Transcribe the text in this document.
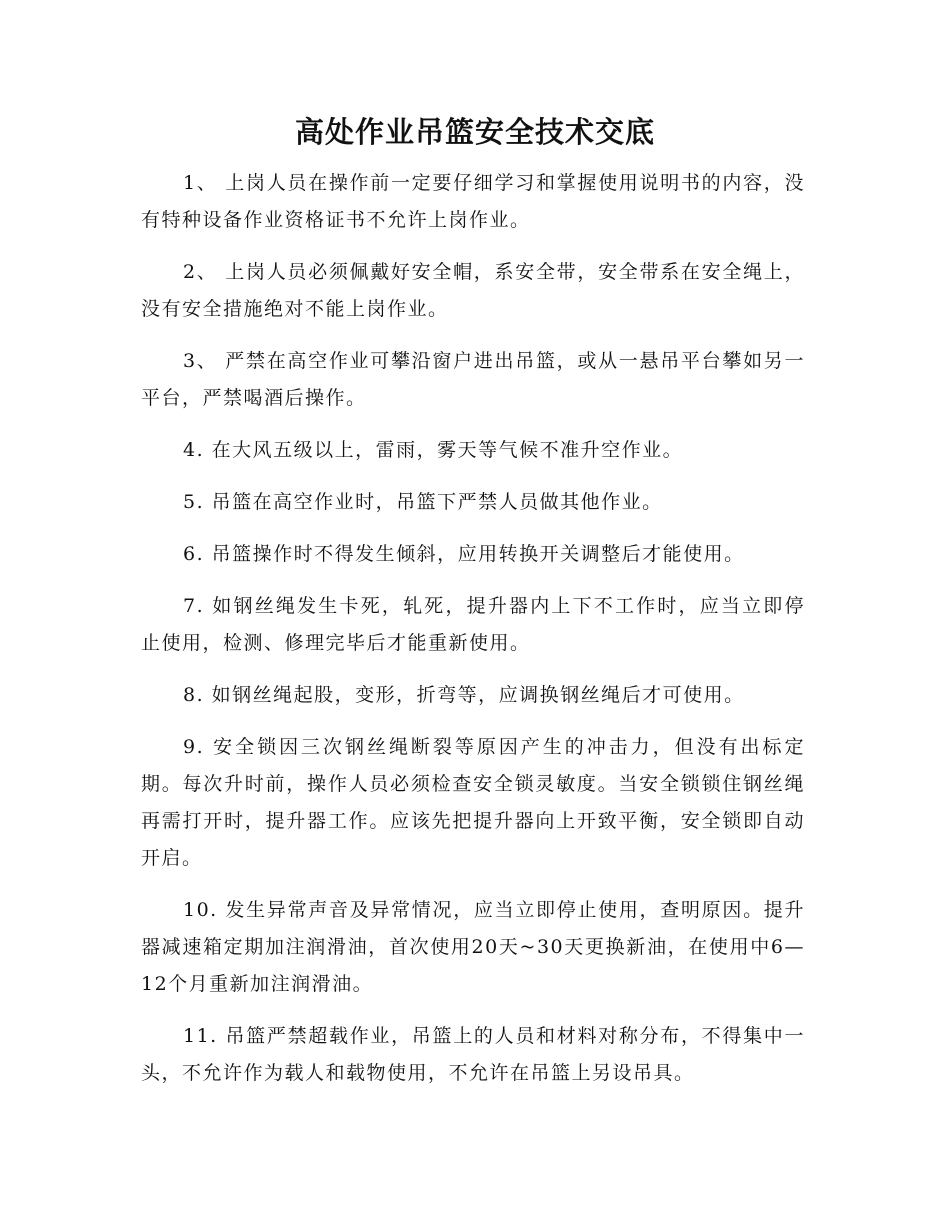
高处作业吊篮安全技术交底

1、 上岗人员在操作前一定要仔细学习和掌握使用说明书的内容，没有特种设备作业资格证书不允许上岗作业。

2、 上岗人员必须佩戴好安全帽，系安全带，安全带系在安全绳上，没有安全措施绝对不能上岗作业。

3、 严禁在高空作业可攀沿窗户进出吊篮，或从一悬吊平台攀如另一平台，严禁喝酒后操作。

4. 在大风五级以上，雷雨，雾天等气候不准升空作业。

5. 吊篮在高空作业时，吊篮下严禁人员做其他作业。

6. 吊篮操作时不得发生倾斜，应用转换开关调整后才能使用。

7. 如钢丝绳发生卡死，轧死，提升器内上下不工作时，应当立即停止使用，检测、修理完毕后才能重新使用。

8. 如钢丝绳起股，变形，折弯等，应调换钢丝绳后才可使用。

9. 安全锁因三次钢丝绳断裂等原因产生的冲击力，但没有出标定期。每次升时前，操作人员必须检查安全锁灵敏度。当安全锁锁住钢丝绳再需打开时，提升器工作。应该先把提升器向上开致平衡，安全锁即自动开启。

10. 发生异常声音及异常情况，应当立即停止使用，查明原因。提升器减速箱定期加注润滑油，首次使用20天~30天更换新油，在使用中6—12个月重新加注润滑油。

11. 吊篮严禁超载作业，吊篮上的人员和材料对称分布，不得集中一头，不允许作为载人和载物使用，不允许在吊篮上另设吊具。
